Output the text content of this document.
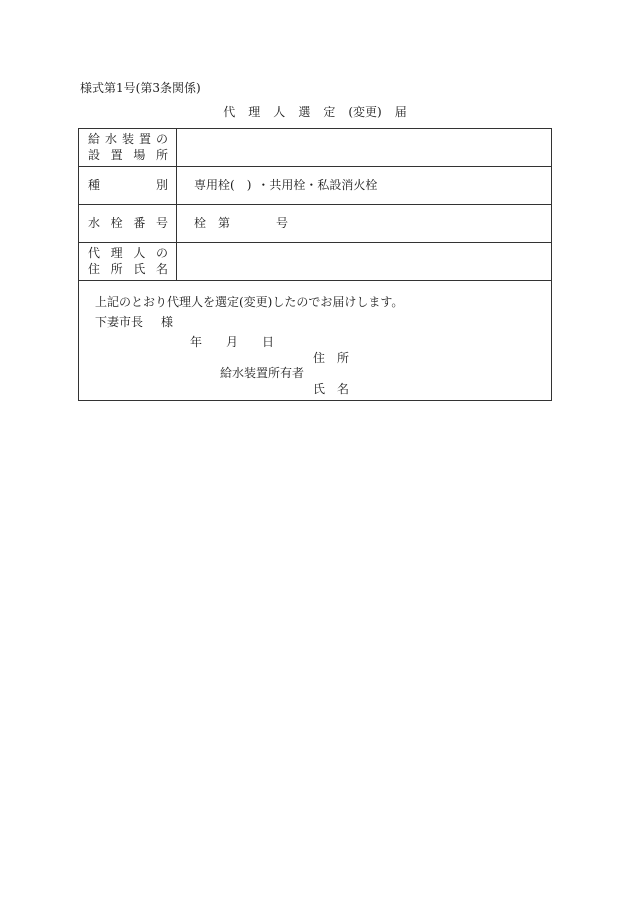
様式第1号(第3条関係)
代 理 人 選 定 (変更) 届
給 水 装 置 の
設 置 場 所
種	別 専用栓( ) ・共用栓・私設消火栓
水 栓 番 号 栓 第	号
代 理 人 の
住 所 氏 名
上記のとおり代理人を選定(変更)したのでお届けします。
下妻市長 様
年 月 日
住 所
給水装置所有者
氏 名
